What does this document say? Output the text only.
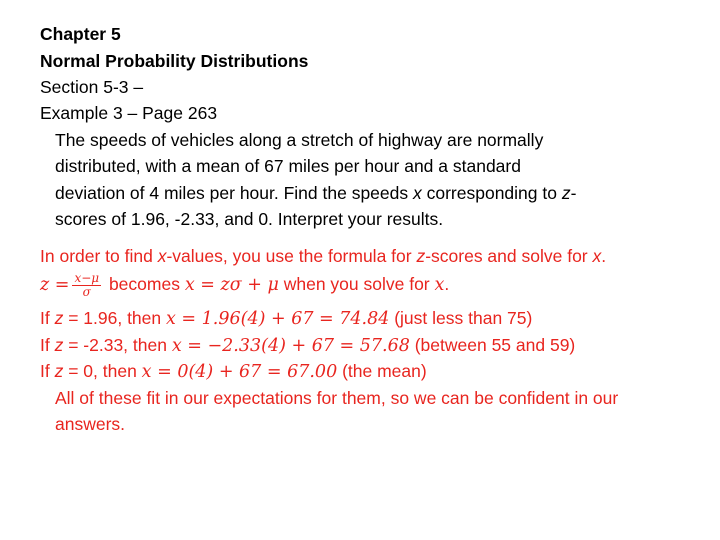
Chapter 5
Normal Probability Distributions
Section 5-3 –
Example 3 – Page 263
The speeds of vehicles along a stretch of highway are normally
distributed, with a mean of 67 miles per hour and a standard
deviation of 4 miles per hour. Find the speeds x corresponding to z-
scores of 1.96, -2.33, and 0. Interpret your results.
In order to find x-values, you use the formula for z-scores and solve for x.
$z = \frac{x-\mu}{\sigma}$ becomes x = zσ + μ when you solve for x.
If z = 1.96, then x = 1.96(4) + 67 = 74.84 (just less than 75)
If z = -2.33, then x = −2.33(4) + 67 = 57.68 (between 55 and 59)
If z = 0, then x = 0(4) + 67 = 67.00 (the mean)
All of these fit in our expectations for them, so we can be confident in our
answers.
